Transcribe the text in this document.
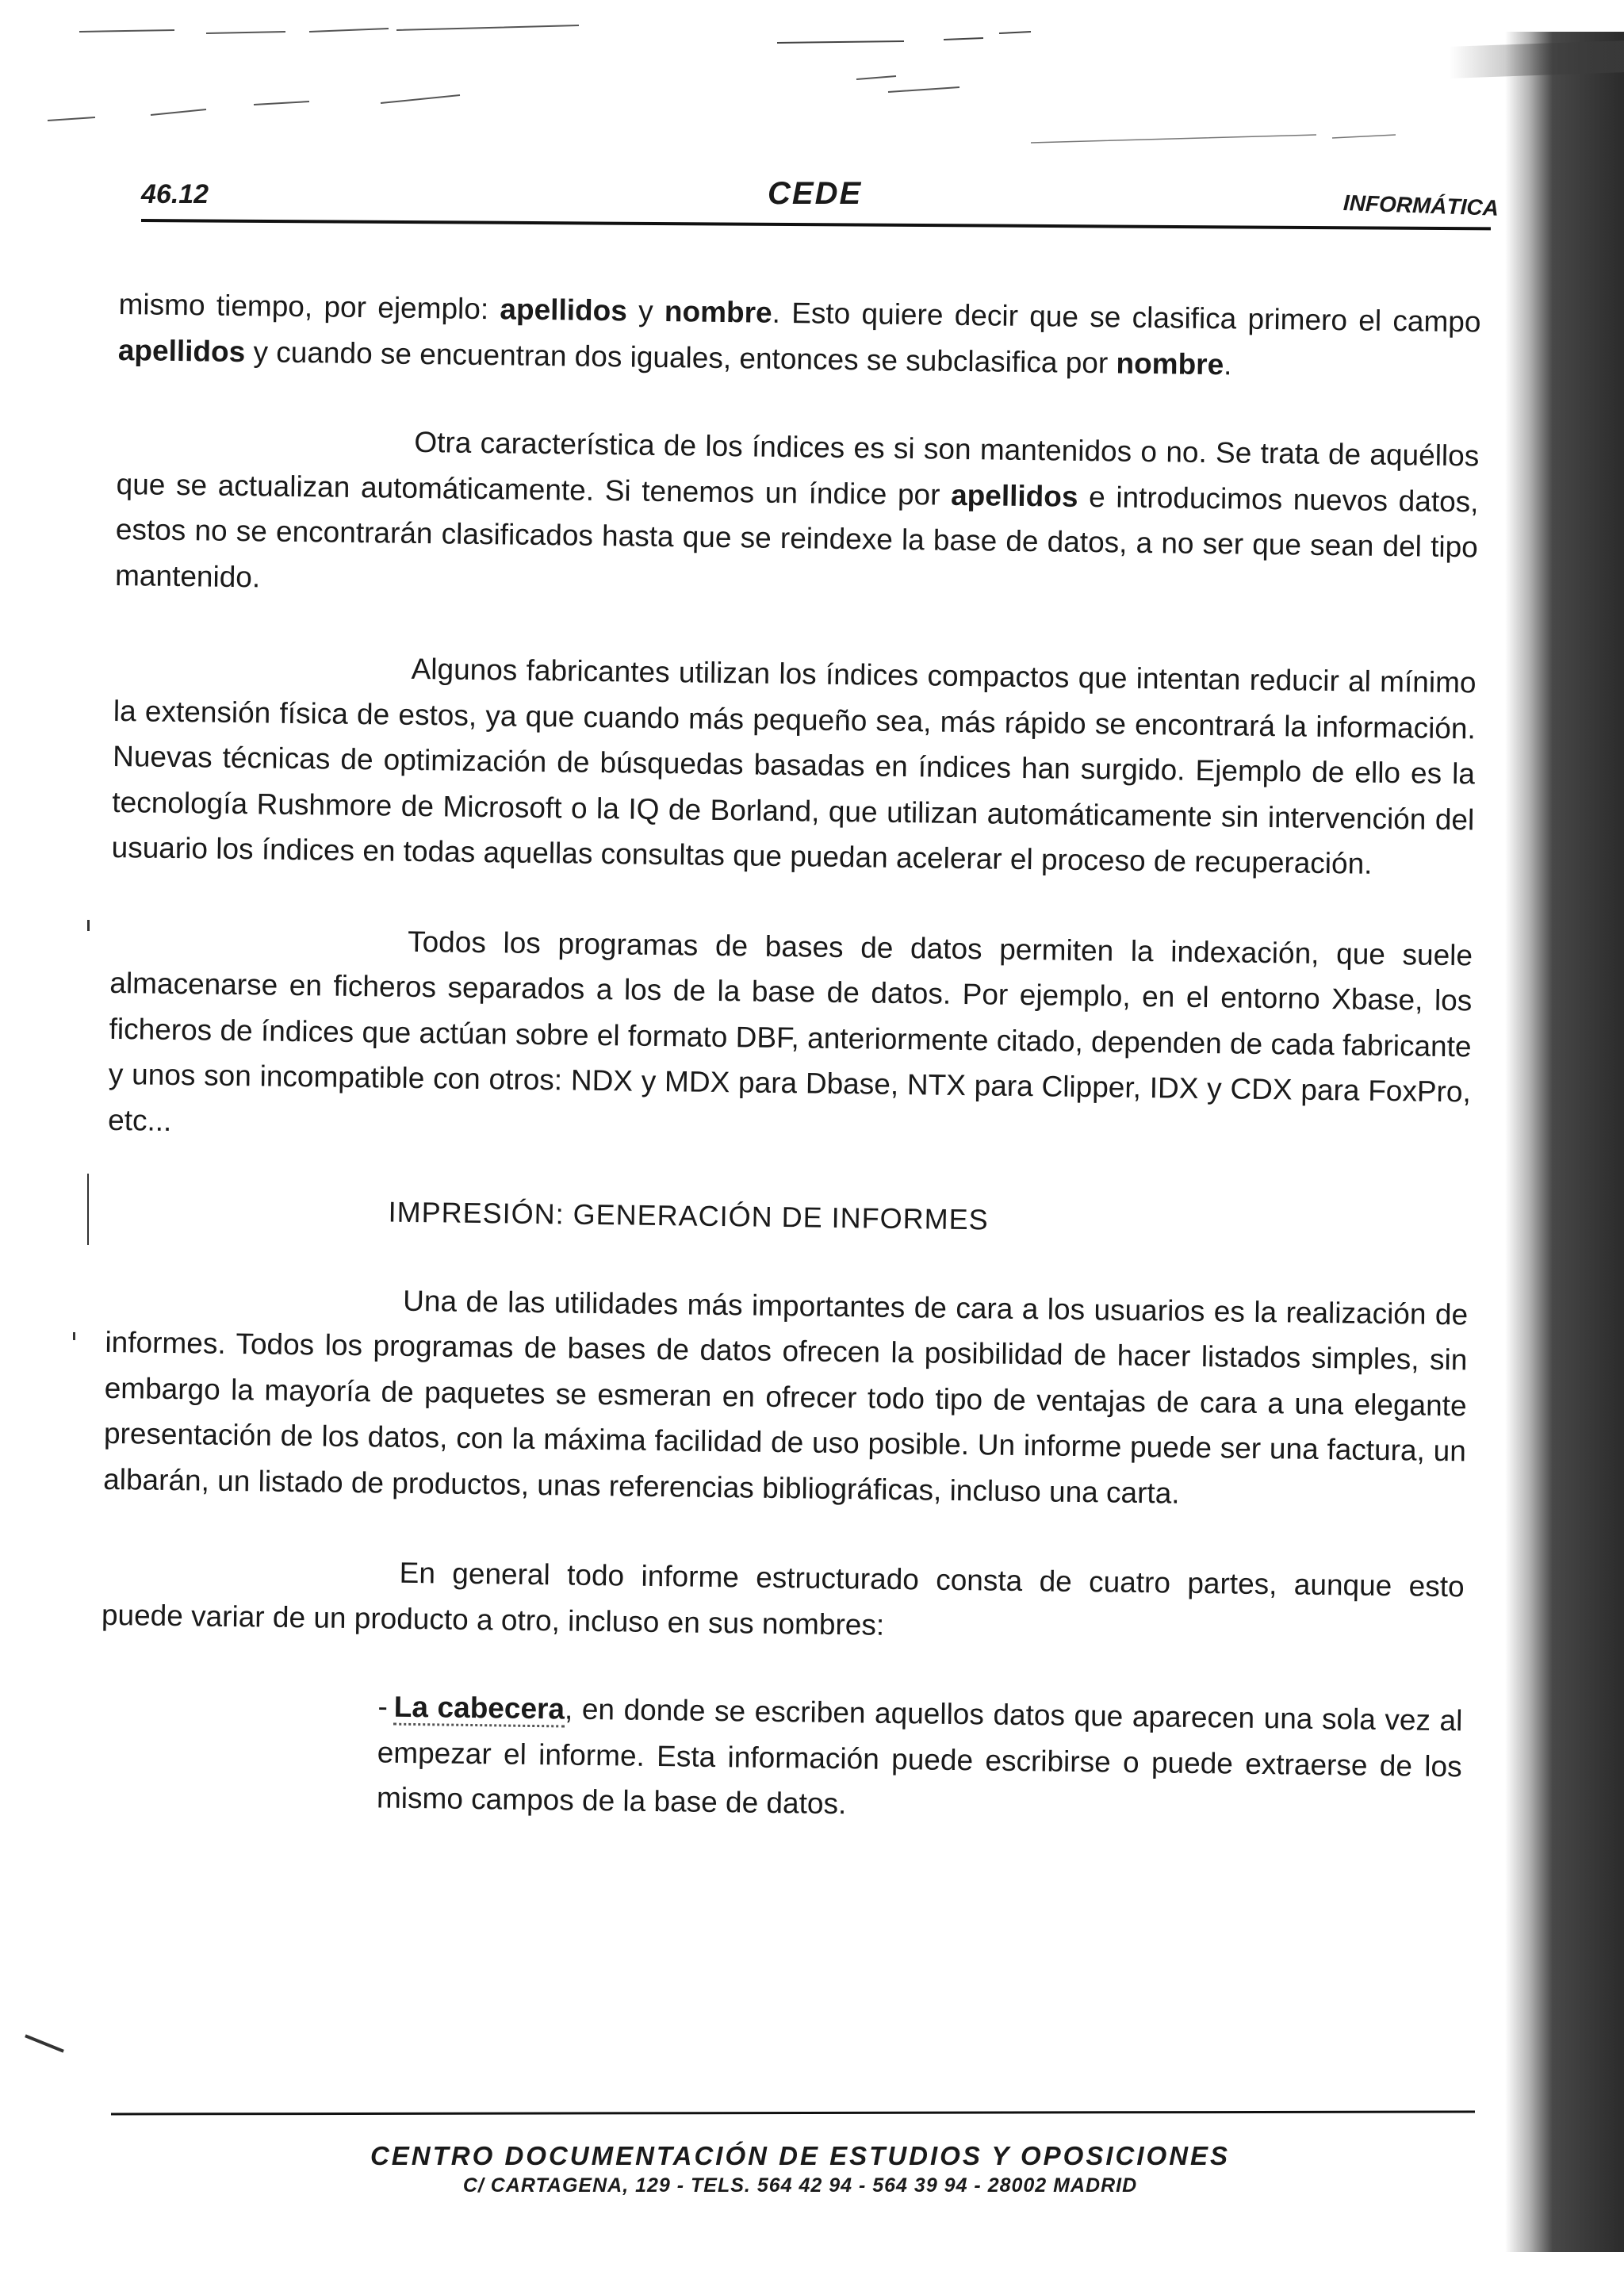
46.12	CEDE	INFORMÁTICA

mismo tiempo, por ejemplo: apellidos y nombre. Esto quiere decir que se clasifica primero el campo apellidos y cuando se encuentran dos iguales, entonces se subclasifica por nombre.

Otra característica de los índices es si son mantenidos o no. Se trata de aquéllos que se actualizan automáticamente. Si tenemos un índice por apellidos e introducimos nuevos datos, estos no se encontrarán clasificados hasta que se reindexe la base de datos, a no ser que sean del tipo mantenido.

Algunos fabricantes utilizan los índices compactos que intentan reducir al mínimo la extensión física de estos, ya que cuando más pequeño sea, más rápido se encontrará la información. Nuevas técnicas de optimización de búsquedas basadas en índices han surgido. Ejemplo de ello es la tecnología Rushmore de Microsoft o la IQ de Borland, que utilizan automáticamente sin intervención del usuario los índices en todas aquellas consultas que puedan acelerar el proceso de recuperación.

Todos los programas de bases de datos permiten la indexación, que suele almacenarse en ficheros separados a los de la base de datos. Por ejemplo, en el entorno Xbase, los ficheros de índices que actúan sobre el formato DBF, anteriormente citado, dependen de cada fabricante y unos son incompatible con otros: NDX y MDX para Dbase, NTX para Clipper, IDX y CDX para FoxPro, etc...

IMPRESIÓN: GENERACIÓN DE INFORMES

Una de las utilidades más importantes de cara a los usuarios es la realización de informes. Todos los programas de bases de datos ofrecen la posibilidad de hacer listados simples, sin embargo la mayoría de paquetes se esmeran en ofrecer todo tipo de ventajas de cara a una elegante presentación de los datos, con la máxima facilidad de uso posible. Un informe puede ser una factura, un albarán, un listado de productos, unas referencias bibliográficas, incluso una carta.

En general todo informe estructurado consta de cuatro partes, aunque esto puede variar de un producto a otro, incluso en sus nombres:

- La cabecera, en donde se escriben aquellos datos que aparecen una sola vez al empezar el informe. Esta información puede escribirse o puede extraerse de los mismo campos de la base de datos.

CENTRO DOCUMENTACIÓN DE ESTUDIOS Y OPOSICIONES
C/ CARTAGENA, 129 - TELS. 564 42 94 - 564 39 94 - 28002 MADRID
